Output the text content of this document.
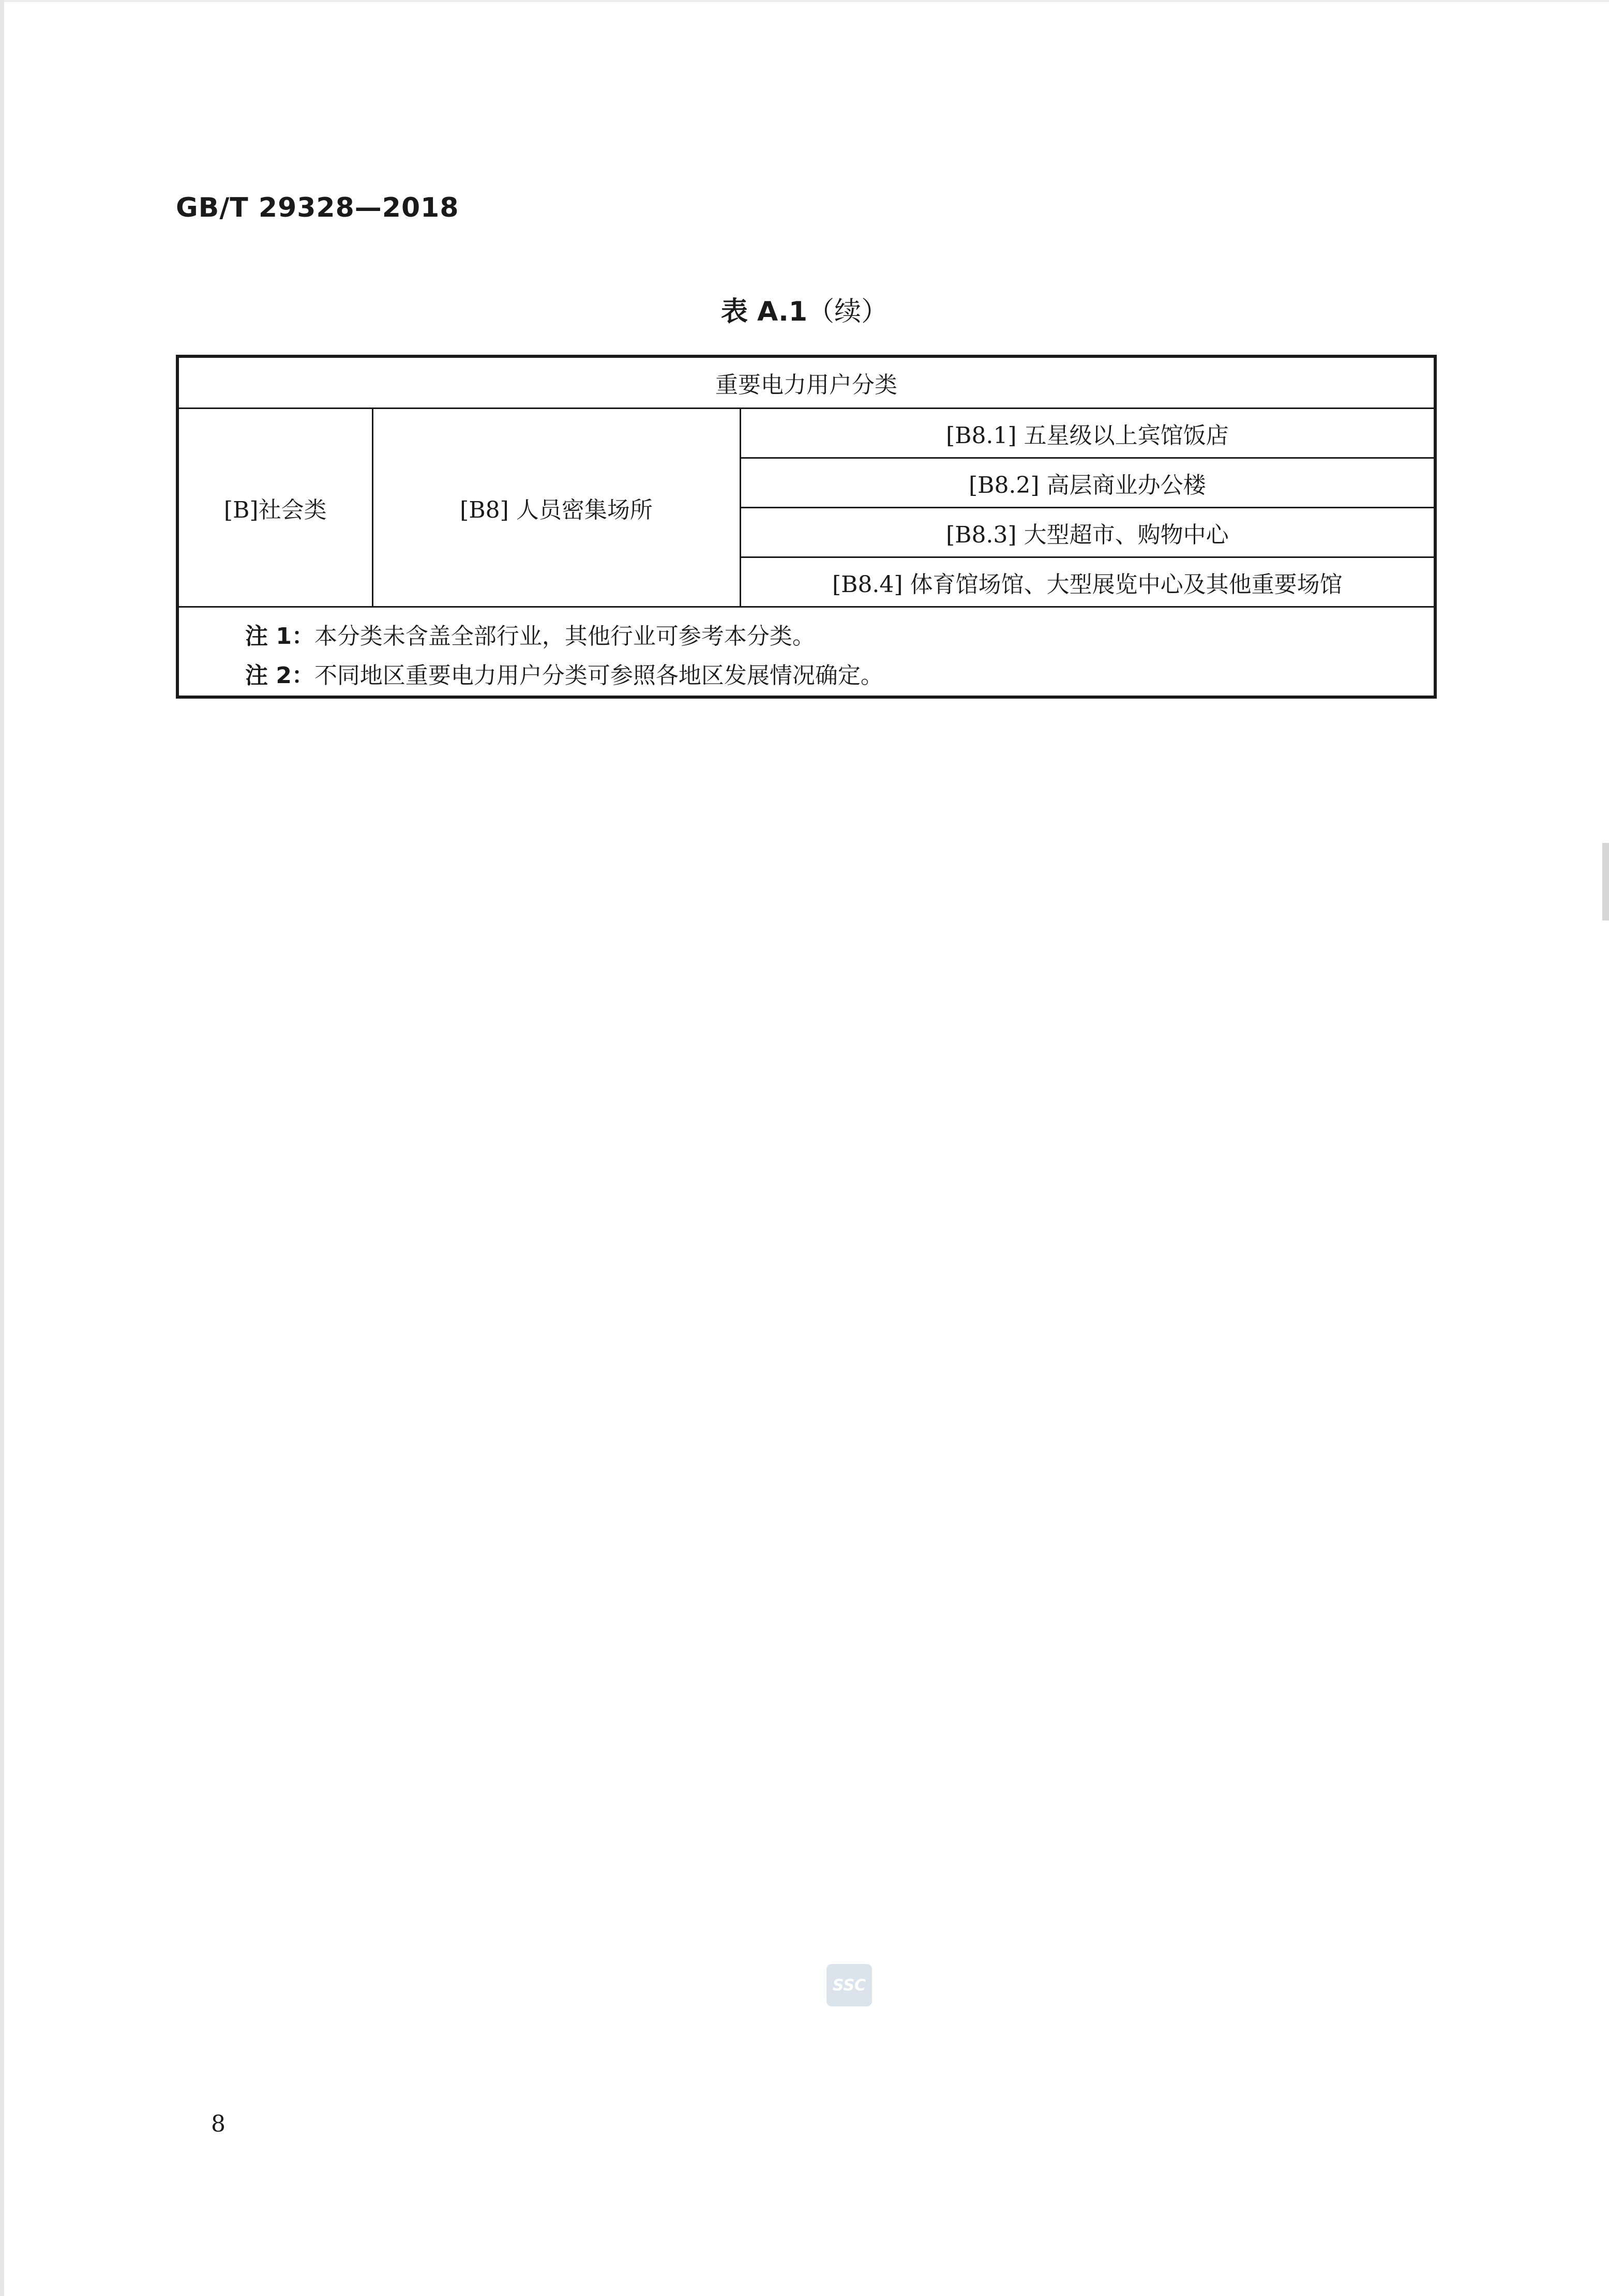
GB/T 29328—2018
表 A.1（续）
重要电力用户分类
[B]社会类	[B8] 人员密集场所	[B8.1] 五星级以上宾馆饭店
[B8.2] 高层商业办公楼
[B8.3] 大型超市、购物中心
[B8.4] 体育馆场馆、大型展览中心及其他重要场馆

注 1：本分类未含盖全部行业，其他行业可参考本分类。
注 2：不同地区重要电力用户分类可参照各地区发展情况确定。
SSC
8
